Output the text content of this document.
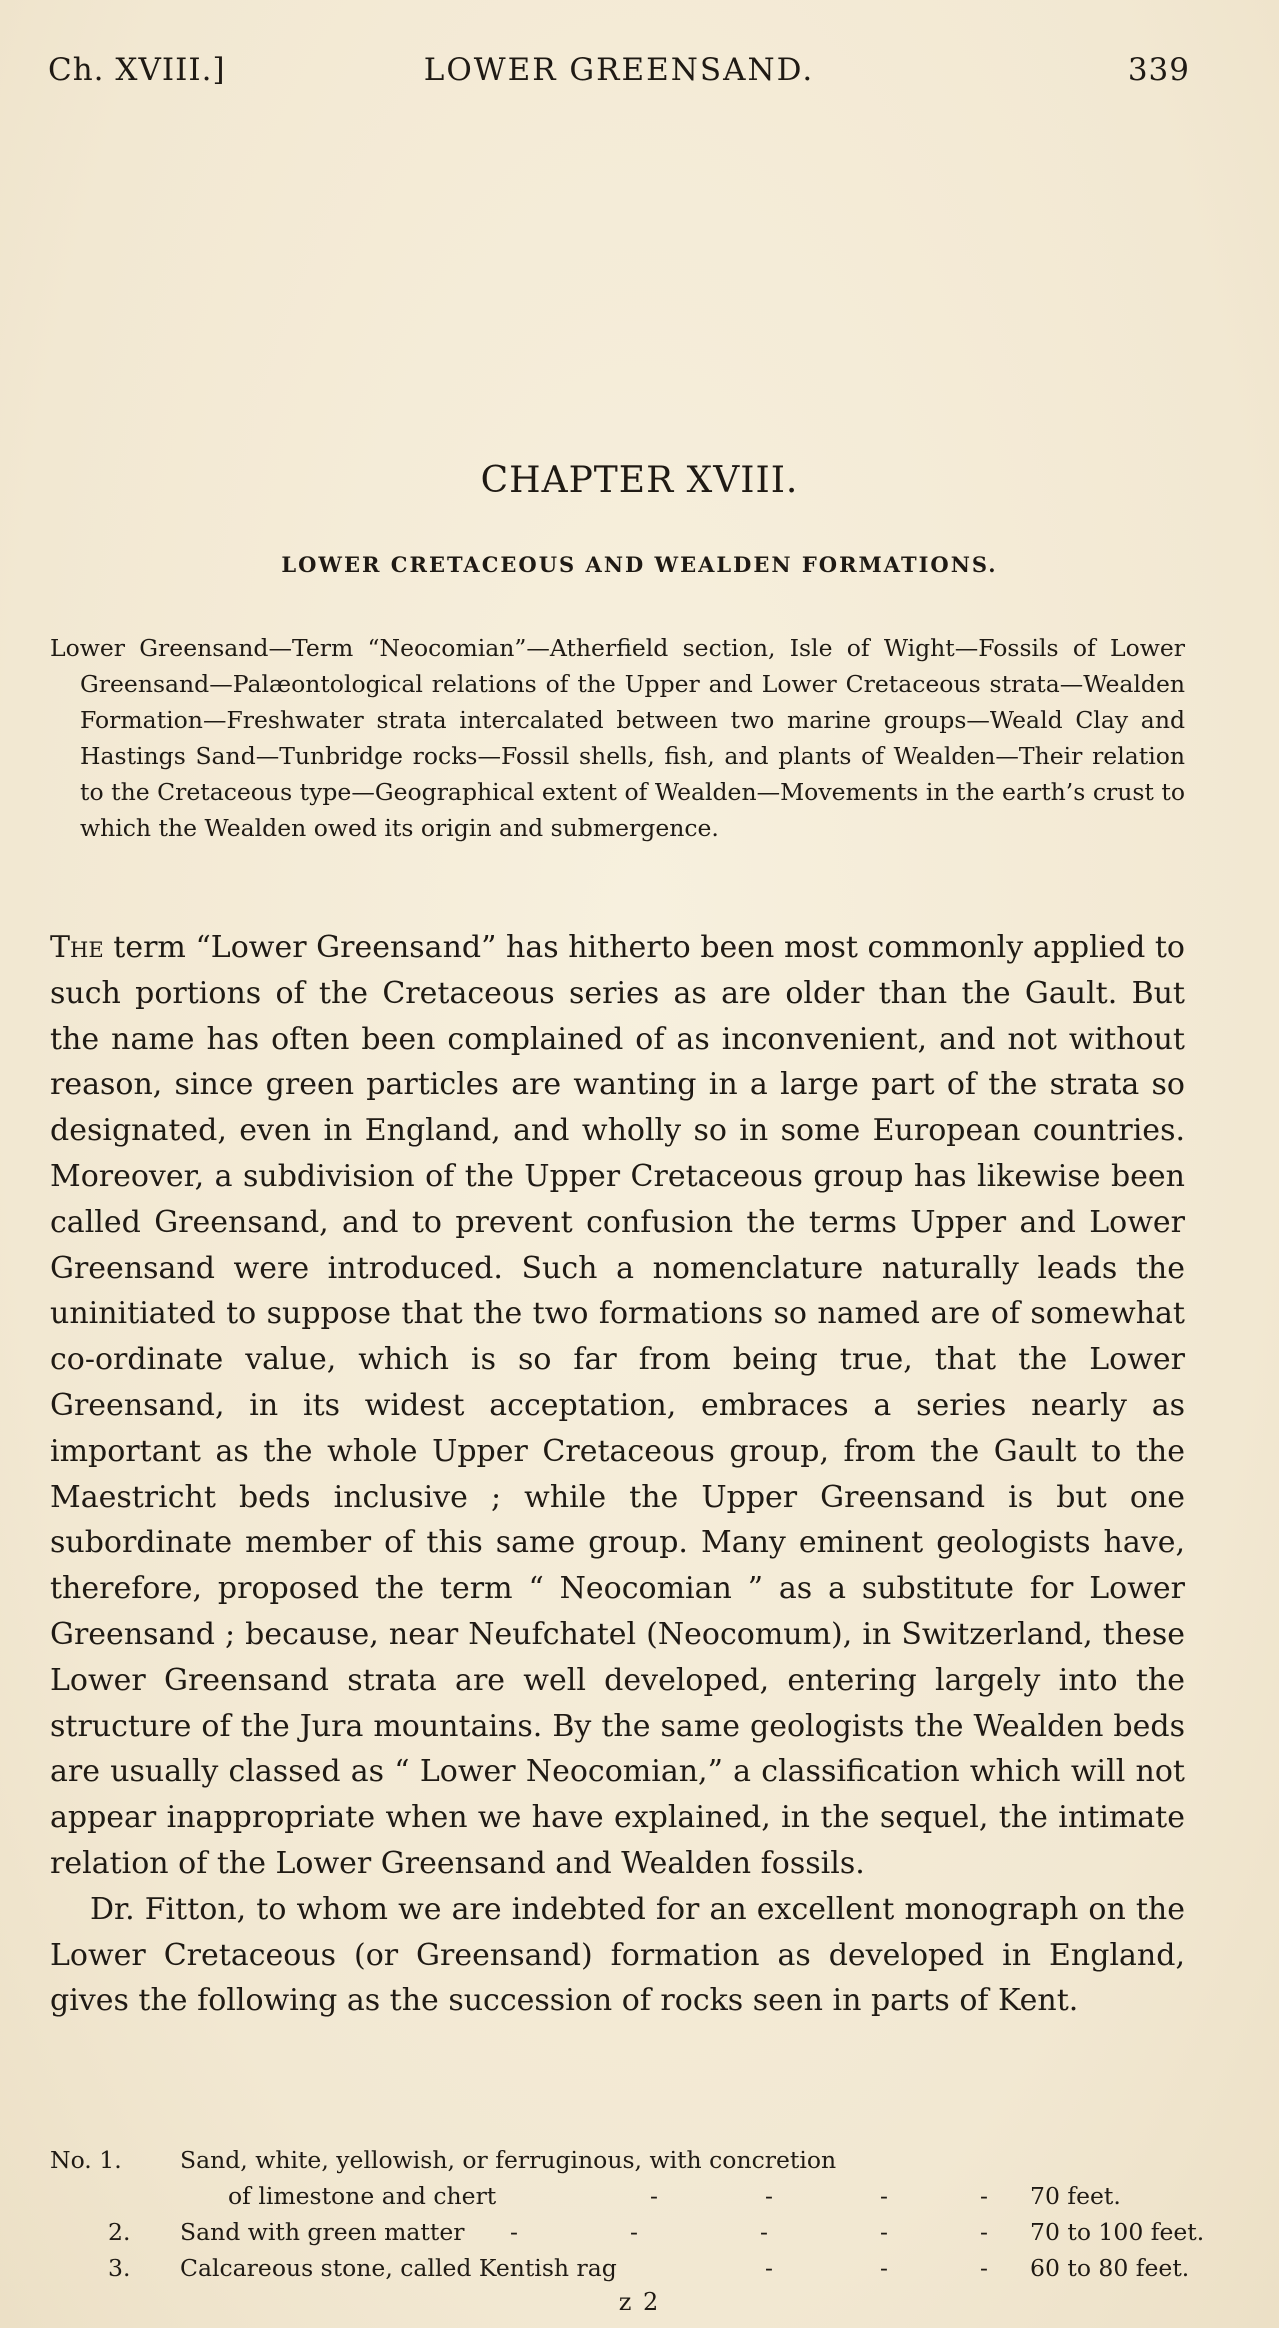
Ch. XVIII.]	LOWER GREENSAND.	339
CHAPTER XVIII.
LOWER CRETACEOUS AND WEALDEN FORMATIONS.
Lower Greensand—Term “Neocomian”—Atherfield section, Isle of Wight—Fossils of Lower Greensand—Palæontological relations of the Upper and Lower Cretaceous strata—Wealden Formation—Freshwater strata intercalated between two marine groups—Weald Clay and Hastings Sand—Tunbridge rocks—Fossil shells, fish, and plants of Wealden—Their relation to the Cretaceous type—Geographical extent of Wealden—Movements in the earth’s crust to which the Wealden owed its origin and submergence.

The term “Lower Greensand” has hitherto been most commonly applied to such portions of the Cretaceous series as are older than the Gault. But the name has often been complained of as inconvenient, and not without reason, since green particles are wanting in a large part of the strata so designated, even in England, and wholly so in some European countries. Moreover, a subdivision of the Upper Cretaceous group has likewise been called Greensand, and to prevent confusion the terms Upper and Lower Greensand were introduced. Such a nomenclature naturally leads the uninitiated to suppose that the two formations so named are of somewhat co-ordinate value, which is so far from being true, that the Lower Greensand, in its widest acceptation, embraces a series nearly as important as the whole Upper Cretaceous group, from the Gault to the Maestricht beds inclusive ; while the Upper Greensand is but one subordinate member of this same group. Many eminent geologists have, therefore, proposed the term “ Neocomian ” as a substitute for Lower Greensand ; because, near Neufchatel (Neocomum), in Switzerland, these Lower Greensand strata are well developed, entering largely into the structure of the Jura mountains. By the same geologists the Wealden beds are usually classed as “ Lower Neocomian,” a classification which will not appear inappropriate when we have explained, in the sequel, the intimate relation of the Lower Greensand and Wealden fossils.

Dr. Fitton, to whom we are indebted for an excellent monograph on the Lower Cretaceous (or Greensand) formation as developed in England, gives the following as the succession of rocks seen in parts of Kent.

No. 1. Sand, white, yellowish, or ferruginous, with concretion
of limestone and chert	-	-	-	- 70 feet.
2. Sand with green matter -	-	-	-	- 70 to 100 feet.
3. Calcareous stone, called Kentish rag	-	-	- 60 to 80 feet.
z 2
